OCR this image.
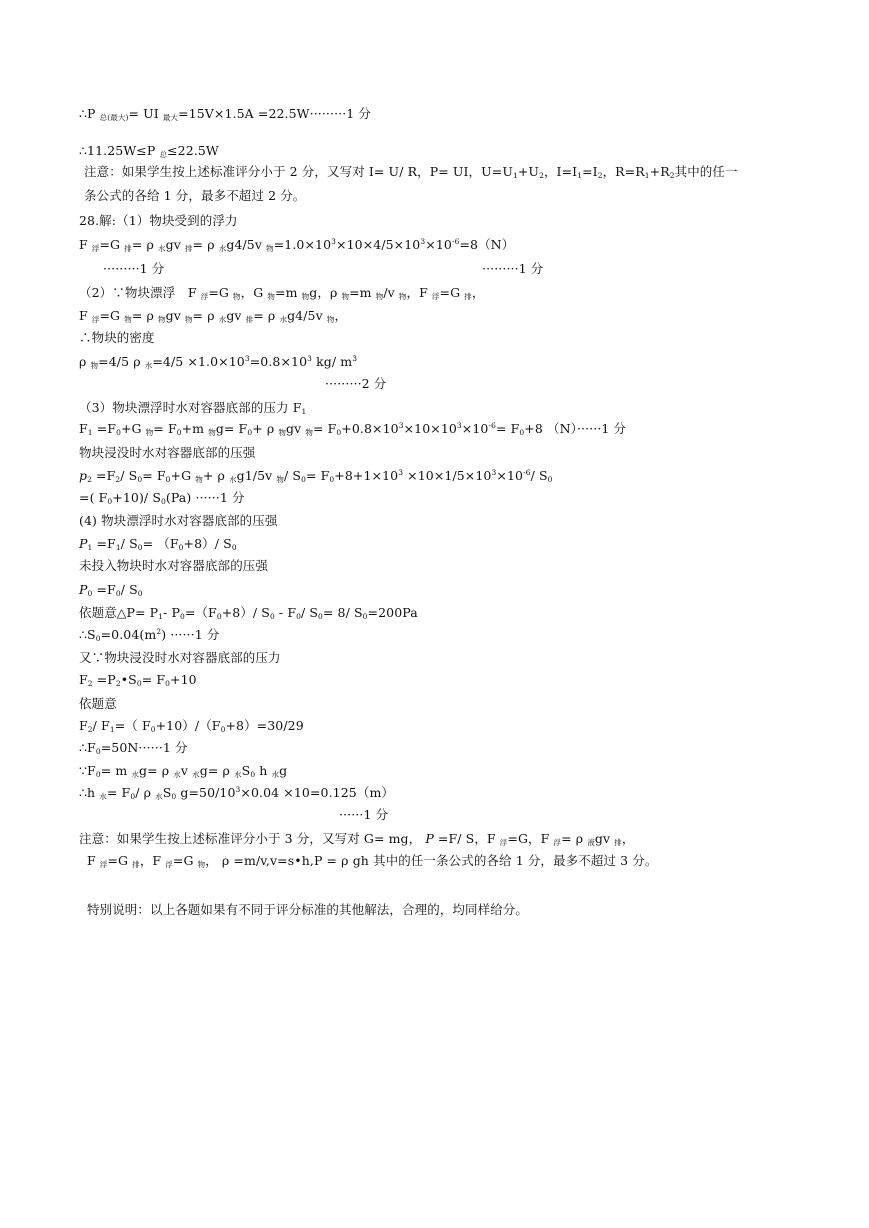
∴P $_{总(最大)}$= UI $_{最大}$=15V×1.5A =22.5W·········1 分
∴11.25W≤P $_总$≤22.5W
注意：如果学生按上述标准评分小于 2 分，又写对 I= U/ R，P= UI，$U=U_1+U_2$，$I=I_1=I_2$，$R=R_1+R_2$其中的任一
条公式的各给 1 分，最多不超过 2 分。
28.解:（1）物块受到的浮力
F $_浮$=G $_排$= ρ $_水$gv $_排$= ρ $_水$g4/5v $_物=1.0\times 10^3\times 10\times 4/5\times 10^3\times 10^{-6}=8(N)$
·········1 分	·········1 分
（2）∵物块漂浮　F $_浮$=G $_物$，G $_物$=m $_物$g，ρ $_物$=m $_物$/v $_物$，F $_浮$=G $_排$，
F $_浮$=G $_物$= ρ $_物$gv $_物$= ρ $_水$gv $_排$= ρ $_水$g4/5v $_物$，
∴物块的密度
ρ $_物$=4/5 ρ $_水=4/5 \times 1.0\times 10^3=0.8\times 10^3$ kg/ $m^3$
·········2 分
（3）物块漂浮时水对容器底部的压力 $F_1$
$F_1 =F_0+G$ $_物= F_0+m$ $_物g= F_0+ \rho$ $_物$gv $_物= F_0+0.8\times 10^3\times 10\times 10^3\times 10^{-6}= F_0+8$ （N）······1 分
物块浸没时水对容器底部的压强
$p_2 =F_2/$ $S_0= F_0+G$ $_物$+ ρ $_水$g1/5v $_物$/ $S_0= F_0+8+1\times 10^3 \times 10\times 1/5\times 10^3\times 10^{-6}/$ $S_0$
=( $F_0+10)/$ $S_0(Pa) \cdot\cdot\cdot\cdot\cdot\cdot 1$ 分
(4) 物块漂浮时水对容器底部的压强
$P_1 =F_1/$ $S_0= (F_0+8)/$ $S_0$
未投入物块时水对容器底部的压强
$P_0 =F_0/$ $S_0$
依题意△P= $P_1-$ $P_0=(F_0+8)/$ $S_0 - F_0/$ $S_0= 8/$ $S_0=200Pa$
$\therefore S_0=0.04(m^2) \cdot\cdot\cdot\cdot\cdot\cdot 1$ 分
又∵物块浸没时水对容器底部的压力
$F_2$ $=P_2•S_0= F_0+10$
依题意
$F_2/$ $F_1=$（ $F_0+10)/(F_0+8)=30/29$
$\therefore F_0=50N\cdot\cdot\cdot\cdot\cdot\cdot 1$ 分
$\because F_0= m$ $_水$g= ρ $_水$v $_水$g= ρ $_水S_0$ h $_水$g
∴h $_水= F_0/$ ρ $_水S_0$ $g=50/10^3\times 0.04 \times 10=0.125(m)$
······1 分
注意：如果学生按上述标准评分小于 3 分，又写对 G= mg， P =F/ S，F $_浮$=G，F $_浮$= ρ $_液$gv $_排$，
F $_浮$=G $_排$，F $_浮$=G $_物$， ρ =m/v,v=s•h,P = ρ gh 其中的任一条公式的各给 1 分，最多不超过 3 分。
特别说明：以上各题如果有不同于评分标准的其他解法，合理的，均同样给分。
